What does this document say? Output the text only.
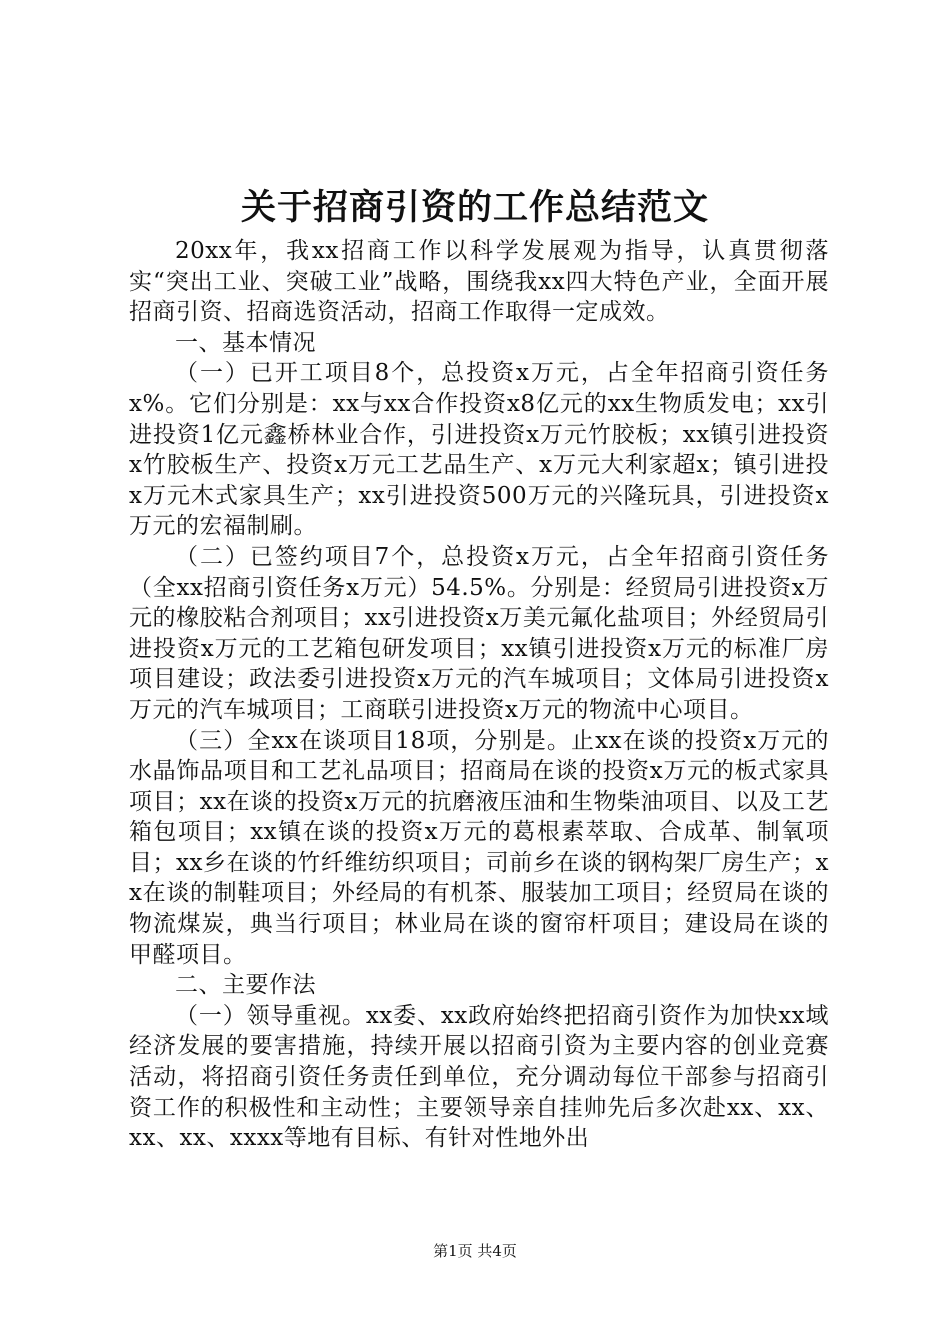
关于招商引资的工作总结范文

20xx年，我xx招商工作以科学发展观为指导，认真贯彻落实“突出工业、突破工业”战略，围绕我xx四大特色产业，全面开展招商引资、招商选资活动，招商工作取得一定成效。

一、基本情况

（一）已开工项目8个，总投资x万元，占全年招商引资任务x%。它们分别是：xx与xx合作投资x8亿元的xx生物质发电；xx引进投资1亿元鑫桥林业合作，引进投资x万元竹胶板；xx镇引进投资x竹胶板生产、投资x万元工艺品生产、x万元大利家超x；镇引进投x万元木式家具生产；xx引进投资500万元的兴隆玩具，引进投资x万元的宏福制刷。

（二）已签约项目7个，总投资x万元，占全年招商引资任务（全xx招商引资任务x万元）54.5%。分别是：经贸局引进投资x万元的橡胶粘合剂项目；xx引进投资x万美元氟化盐项目；外经贸局引进投资x万元的工艺箱包研发项目；xx镇引进投资x万元的标准厂房项目建设；政法委引进投资x万元的汽车城项目；文体局引进投资x万元的汽车城项目；工商联引进投资x万元的物流中心项目。

（三）全xx在谈项目18项，分别是。止xx在谈的投资x万元的水晶饰品项目和工艺礼品项目；招商局在谈的投资x万元的板式家具项目；xx在谈的投资x万元的抗磨液压油和生物柴油项目、以及工艺箱包项目；xx镇在谈的投资x万元的葛根素萃取、合成革、制氧项目；xx乡在谈的竹纤维纺织项目；司前乡在谈的钢构架厂房生产；xx在谈的制鞋项目；外经局的有机茶、服装加工项目；经贸局在谈的物流煤炭，典当行项目；林业局在谈的窗帘杆项目；建设局在谈的甲醛项目。

二、主要作法

（一）领导重视。xx委、xx政府始终把招商引资作为加快xx域经济发展的要害措施，持续开展以招商引资为主要内容的创业竞赛活动，将招商引资任务责任到单位，充分调动每位干部参与招商引资工作的积极性和主动性；主要领导亲自挂帅先后多次赴xx、xx、xx、xx、xxxx等地有目标、有针对性地外出

第1页 共4页
